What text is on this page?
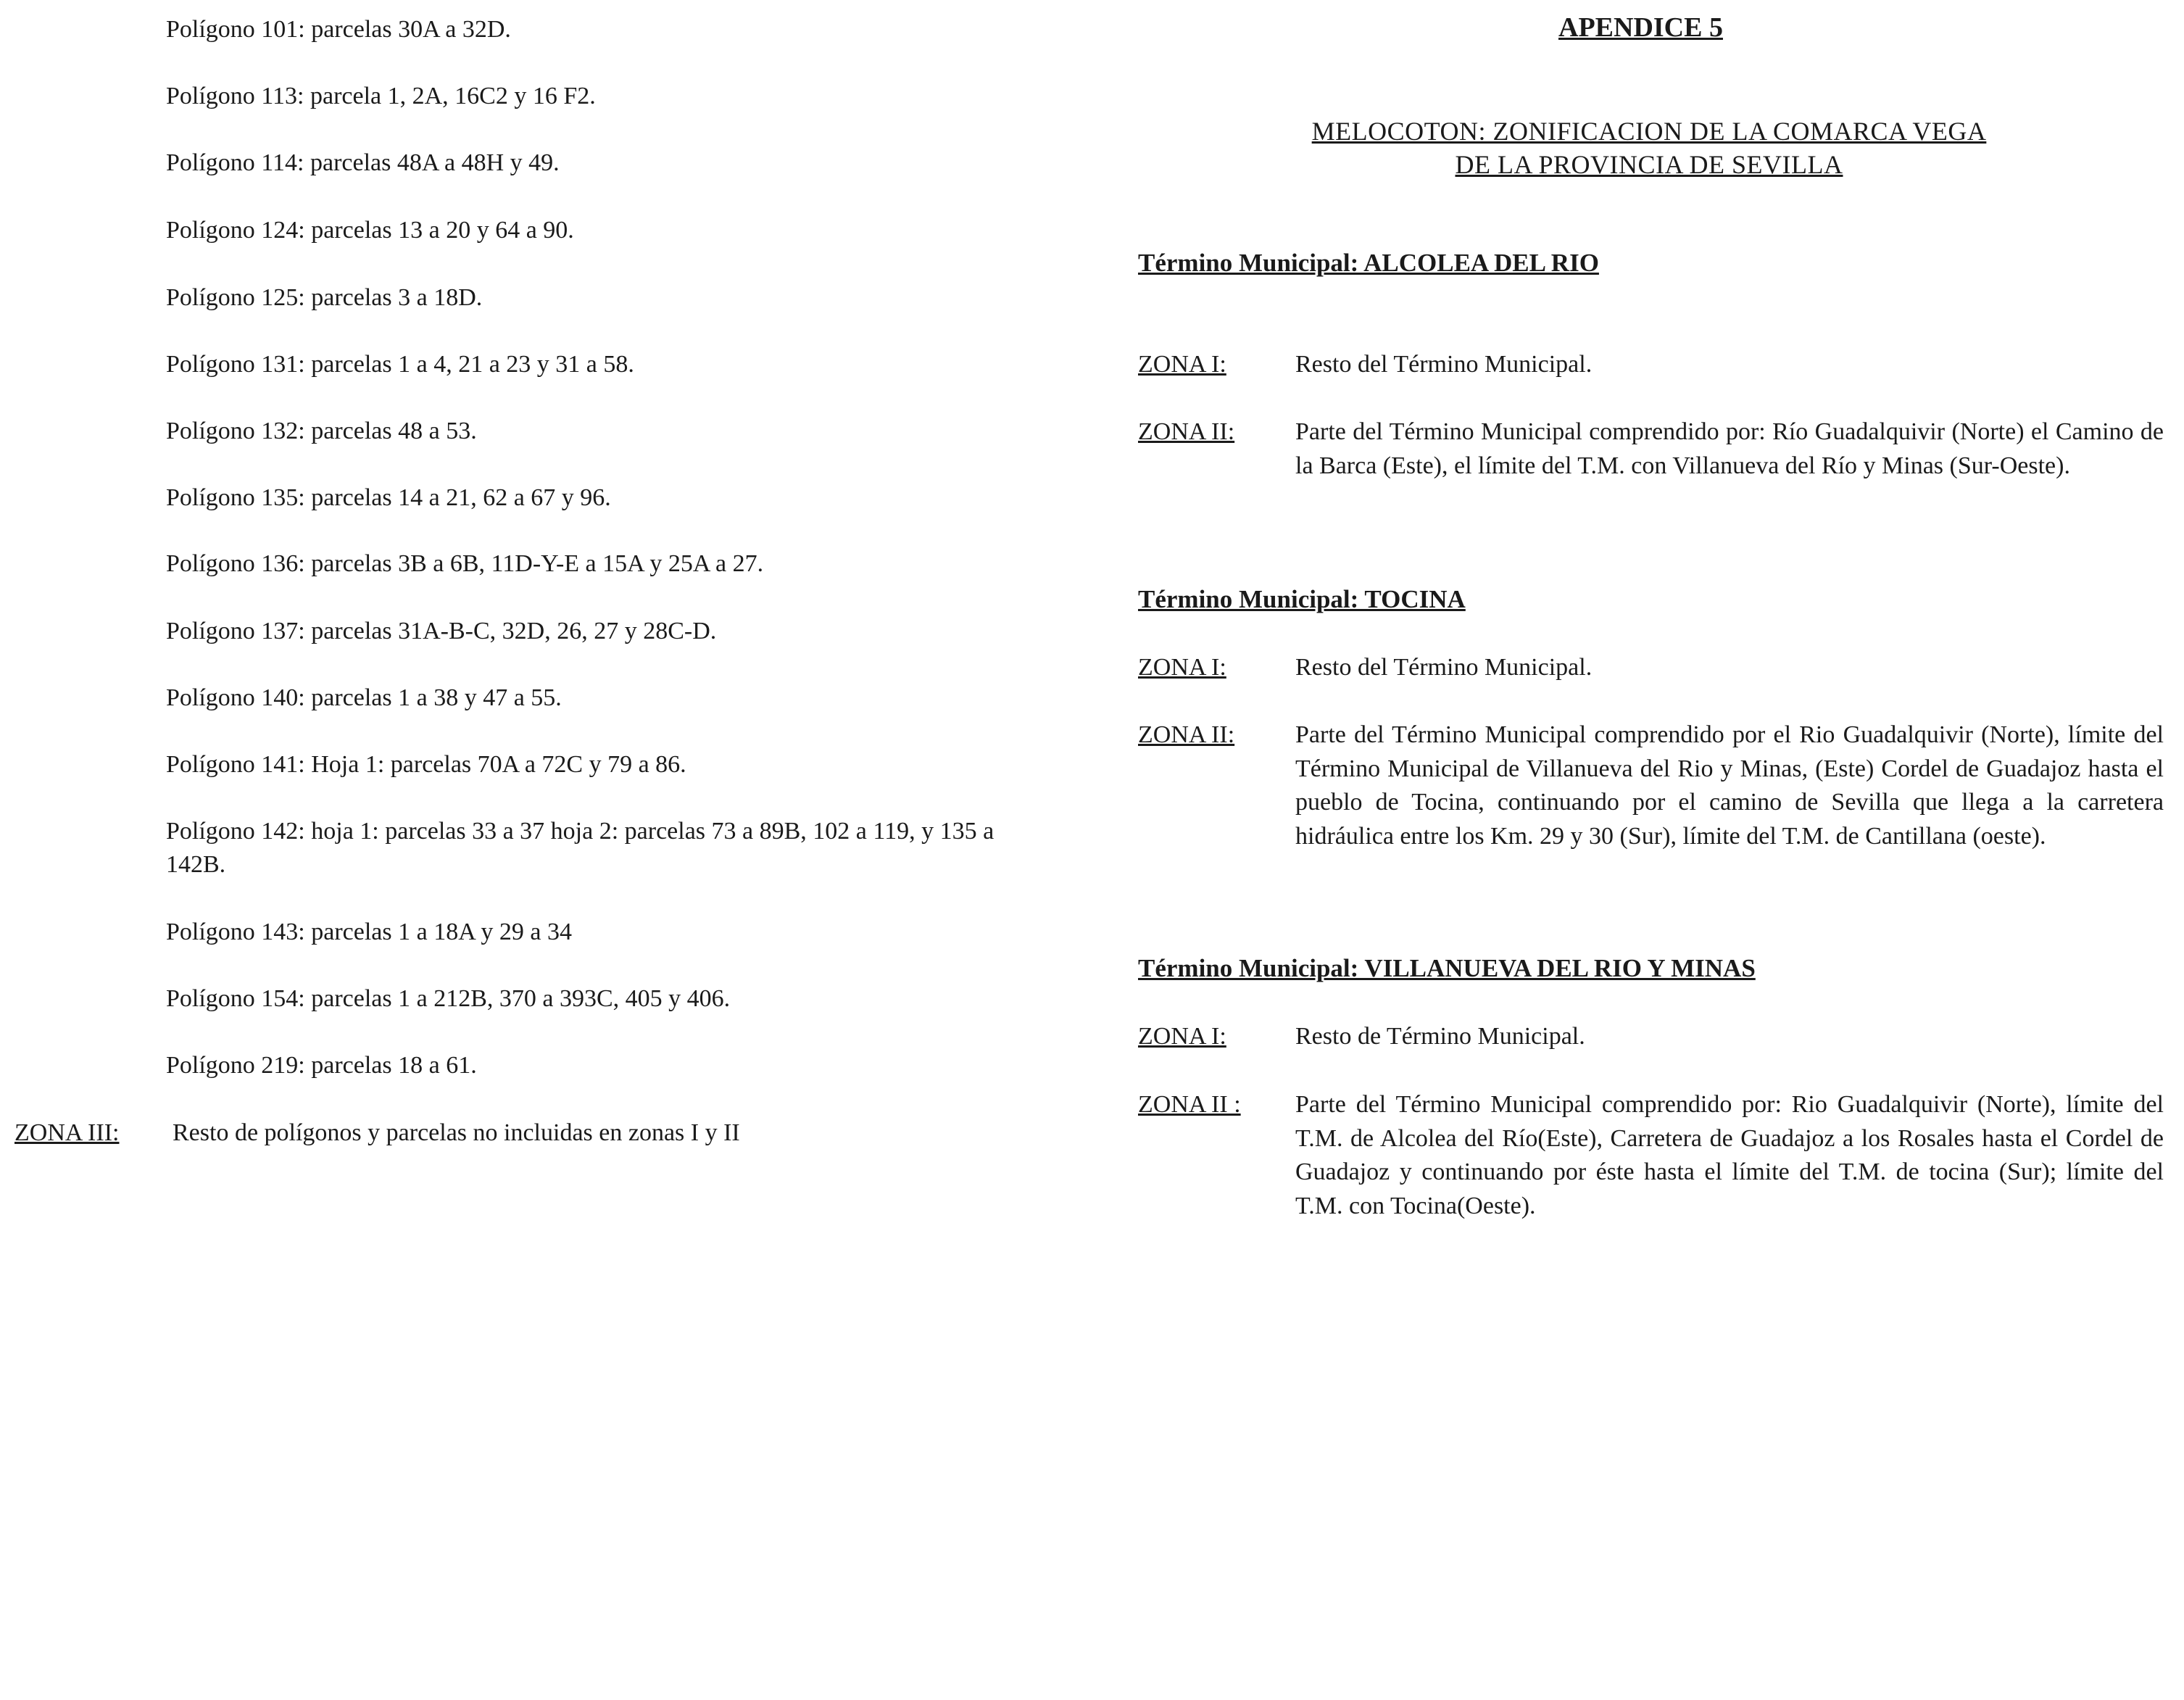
Polígono 101: parcelas 30A a 32D.
Polígono 113: parcela 1, 2A, 16C2 y 16 F2.
Polígono 114: parcelas 48A a 48H y 49.
Polígono 124: parcelas 13 a 20 y 64 a 90.
Polígono 125: parcelas 3 a 18D.
Polígono 131: parcelas 1 a 4, 21 a 23 y 31 a 58.
Polígono 132: parcelas 48 a 53.
Polígono 135: parcelas 14 a 21, 62 a 67 y 96.
Polígono 136: parcelas 3B a 6B, 11D-Y-E a 15A y 25A a 27.
Polígono 137: parcelas 31A-B-C, 32D, 26, 27 y 28C-D.
Polígono 140: parcelas 1 a 38 y 47 a 55.
Polígono 141: Hoja 1: parcelas 70A a 72C y 79 a 86.
Polígono 142: hoja 1: parcelas 33 a 37 hoja 2: parcelas 73 a 89B, 102 a 119, y 135 a 142B.
Polígono 143: parcelas 1 a 18A y 29 a 34
Polígono 154: parcelas 1 a 212B, 370 a 393C, 405 y 406.
Polígono 219: parcelas 18 a 61.
ZONA III: Resto de polígonos y parcelas no incluidas en zonas I y II
APENDICE 5
MELOCOTON: ZONIFICACION DE LA COMARCA VEGA
DE LA PROVINCIA DE SEVILLA
Término Municipal: ALCOLEA DEL RIO
ZONA I:	Resto del Término Municipal.
ZONA II: Parte del Término Municipal comprendido por: Río Guadalquivir (Norte) el Camino de la Barca (Este), el límite del T.M. con Villanueva del Río y Minas (Sur-Oeste).
Término Municipal: TOCINA
ZONA I:	Resto del Término Municipal.
ZONA II: Parte del Término Municipal comprendido por el Rio Guadalquivir (Norte), límite del Término Municipal de Villanueva del Rio y Minas, (Este) Cordel de Guadajoz hasta el pueblo de Tocina, continuando por el camino de Sevilla que llega a la carretera hidráulica entre los Km. 29 y 30 (Sur), límite del T.M. de Cantillana (oeste).
Término Municipal: VILLANUEVA DEL RIO Y MINAS
ZONA I:	Resto de Término Municipal.
ZONA II : Parte del Término Municipal comprendido por: Rio Guadalquivir (Norte), límite del T.M. de Alcolea del Río(Este), Carretera de Guadajoz a los Rosales hasta el Cordel de Guadajoz y continuando por éste hasta el límite del T.M. de tocina (Sur); límite del T.M. con Tocina(Oeste).
